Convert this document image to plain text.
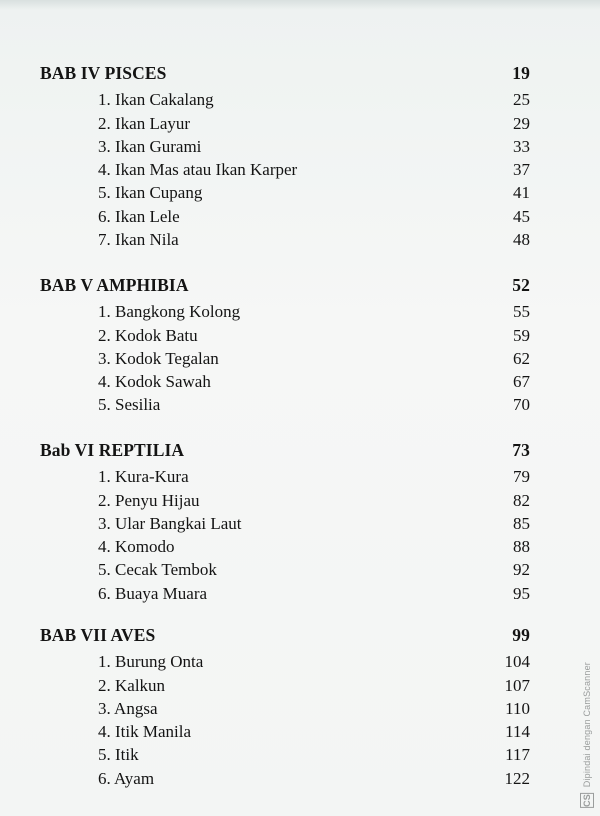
BAB IV PISCES	19
1. Ikan Cakalang	25
2. Ikan Layur	29
3. Ikan Gurami	33
4. Ikan Mas atau Ikan Karper	37
5. Ikan Cupang	41
6. Ikan Lele	45
7. Ikan Nila	48
BAB V AMPHIBIA	52
1. Bangkong Kolong	55
2. Kodok Batu	59
3. Kodok Tegalan	62
4. Kodok Sawah	67
5. Sesilia	70
Bab VI REPTILIA	73
1. Kura-Kura	79
2. Penyu Hijau	82
3. Ular Bangkai Laut	85
4. Komodo	88
5. Cecak Tembok	92
6. Buaya Muara	95
BAB VII AVES	99
1. Burung Onta	104
2. Kalkun	107
3. Angsa	110
4. Itik Manila	114
5. Itik	117
6. Ayam	122
CS Dipindai dengan CamScanner
